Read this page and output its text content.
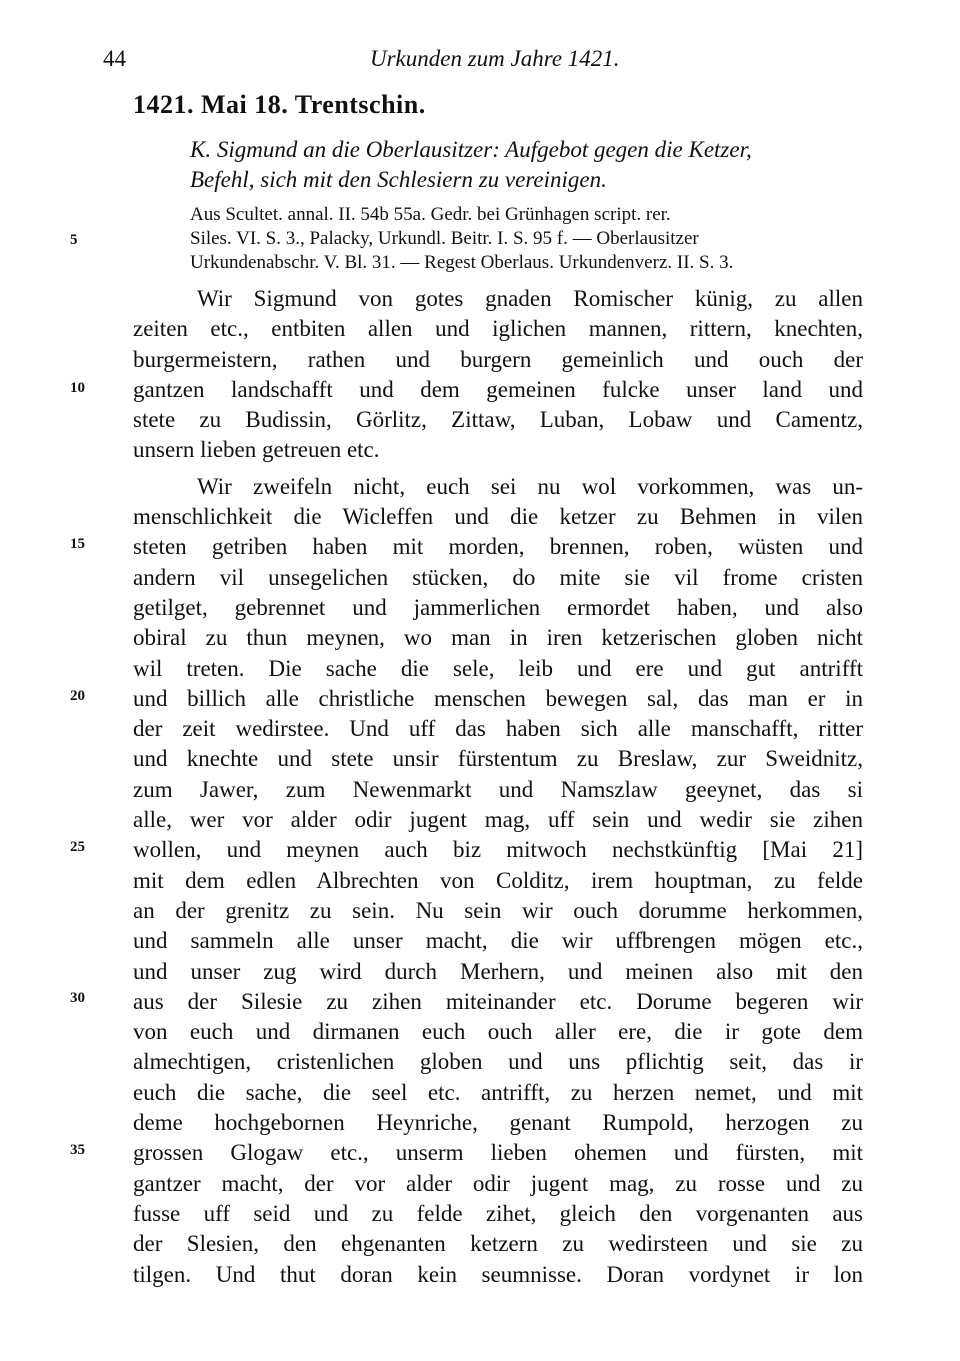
44	Urkunden zum Jahre 1421.
1421. Mai 18. Trentschin.
K. Sigmund an die Oberlausitzer: Aufgebot gegen die Ketzer,
Befehl, sich mit den Schlesiern zu vereinigen.
Aus Scultet. annal. II. 54b 55a. Gedr. bei Grünhagen script. rer.
Siles. VI. S. 3., Palacky, Urkundl. Beitr. I. S. 95 f. — Oberlausitzer
Urkundenabschr. V. Bl. 31. — Regest Oberlaus. Urkundenverz. II. S. 3.
5
10
15
20
25
30
35
Wir Sigmund von gotes gnaden Romischer künig, zu allen
zeiten etc., entbiten allen und iglichen mannen, rittern, knechten,
burgermeistern, rathen und burgern gemeinlich und ouch der
gantzen landschafft und dem gemeinen fulcke unser land und
stete zu Budissin, Görlitz, Zittaw, Luban, Lobaw und Camentz,
unsern lieben getreuen etc.
Wir zweifeln nicht, euch sei nu wol vorkommen, was un-
menschlichkeit die Wicleffen und die ketzer zu Behmen in vilen
steten getriben haben mit morden, brennen, roben, wüsten und
andern vil unsegelichen stücken, do mite sie vil frome cristen
getilget, gebrennet und jammerlichen ermordet haben, und also
obiral zu thun meynen, wo man in iren ketzerischen globen nicht
wil treten. Die sache die sele, leib und ere und gut antrifft
und billich alle christliche menschen bewegen sal, das man er in
der zeit wedirstee. Und uff das haben sich alle manschafft, ritter
und knechte und stete unsir fürstentum zu Breslaw, zur Sweidnitz,
zum Jawer, zum Newenmarkt und Namszlaw geeynet, das si
alle, wer vor alder odir jugent mag, uff sein und wedir sie zihen
wollen, und meynen auch biz mitwoch nechstkünftig [Mai 21]
mit dem edlen Albrechten von Colditz, irem houptman, zu felde
an der grenitz zu sein. Nu sein wir ouch dorumme herkommen,
und sammeln alle unser macht, die wir uffbrengen mögen etc.,
und unser zug wird durch Merhern, und meinen also mit den
aus der Silesie zu zihen miteinander etc. Dorume begeren wir
von euch und dirmanen euch ouch aller ere, die ir gote dem
almechtigen, cristenlichen globen und uns pflichtig seit, das ir
euch die sache, die seel etc. antrifft, zu herzen nemet, und mit
deme hochgebornen Heynriche, genant Rumpold, herzogen zu
grossen Glogaw etc., unserm lieben ohemen und fürsten, mit
gantzer macht, der vor alder odir jugent mag, zu rosse und zu
fusse uff seid und zu felde zihet, gleich den vorgenanten aus
der Slesien, den ehgenanten ketzern zu wedirsteen und sie zu
tilgen. Und thut doran kein seumnisse. Doran vordynet ir lon
